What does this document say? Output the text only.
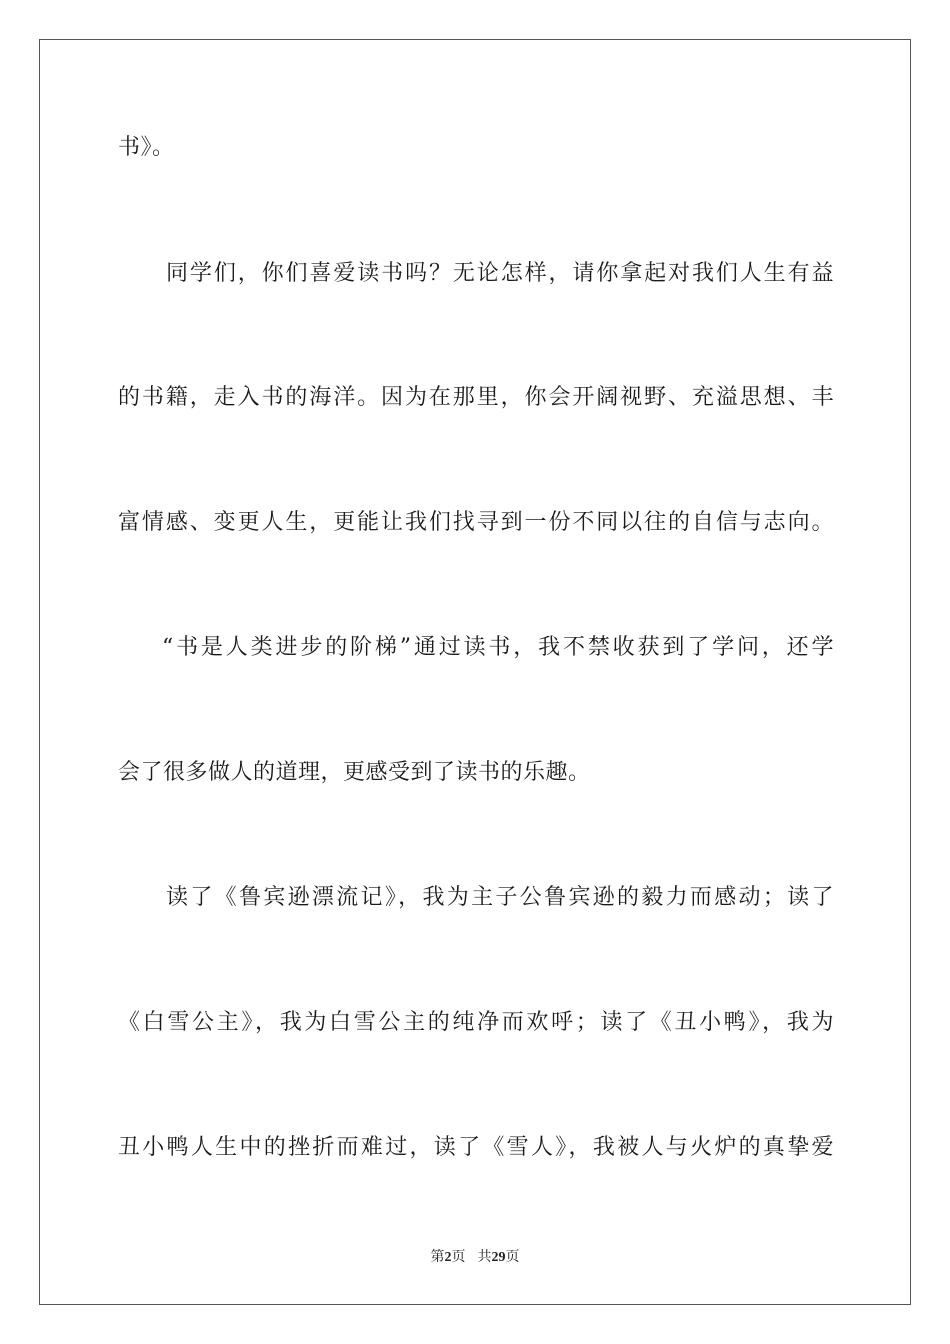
书》。
同学们，你们喜爱读书吗？无论怎样，请你拿起对我们人生有益
的书籍，走入书的海洋。因为在那里，你会开阔视野、充溢思想、丰
富情感、变更人生，更能让我们找寻到一份不同以往的自信与志向。
“书是人类进步的阶梯”通过读书，我不禁收获到了学问，还学
会了很多做人的道理，更感受到了读书的乐趣。
读了《鲁宾逊漂流记》，我为主子公鲁宾逊的毅力而感动；读了
《白雪公主》，我为白雪公主的纯净而欢呼；读了《丑小鸭》，我为
丑小鸭人生中的挫折而难过，读了《雪人》，我被人与火炉的真挚爱
第2页 共29页
